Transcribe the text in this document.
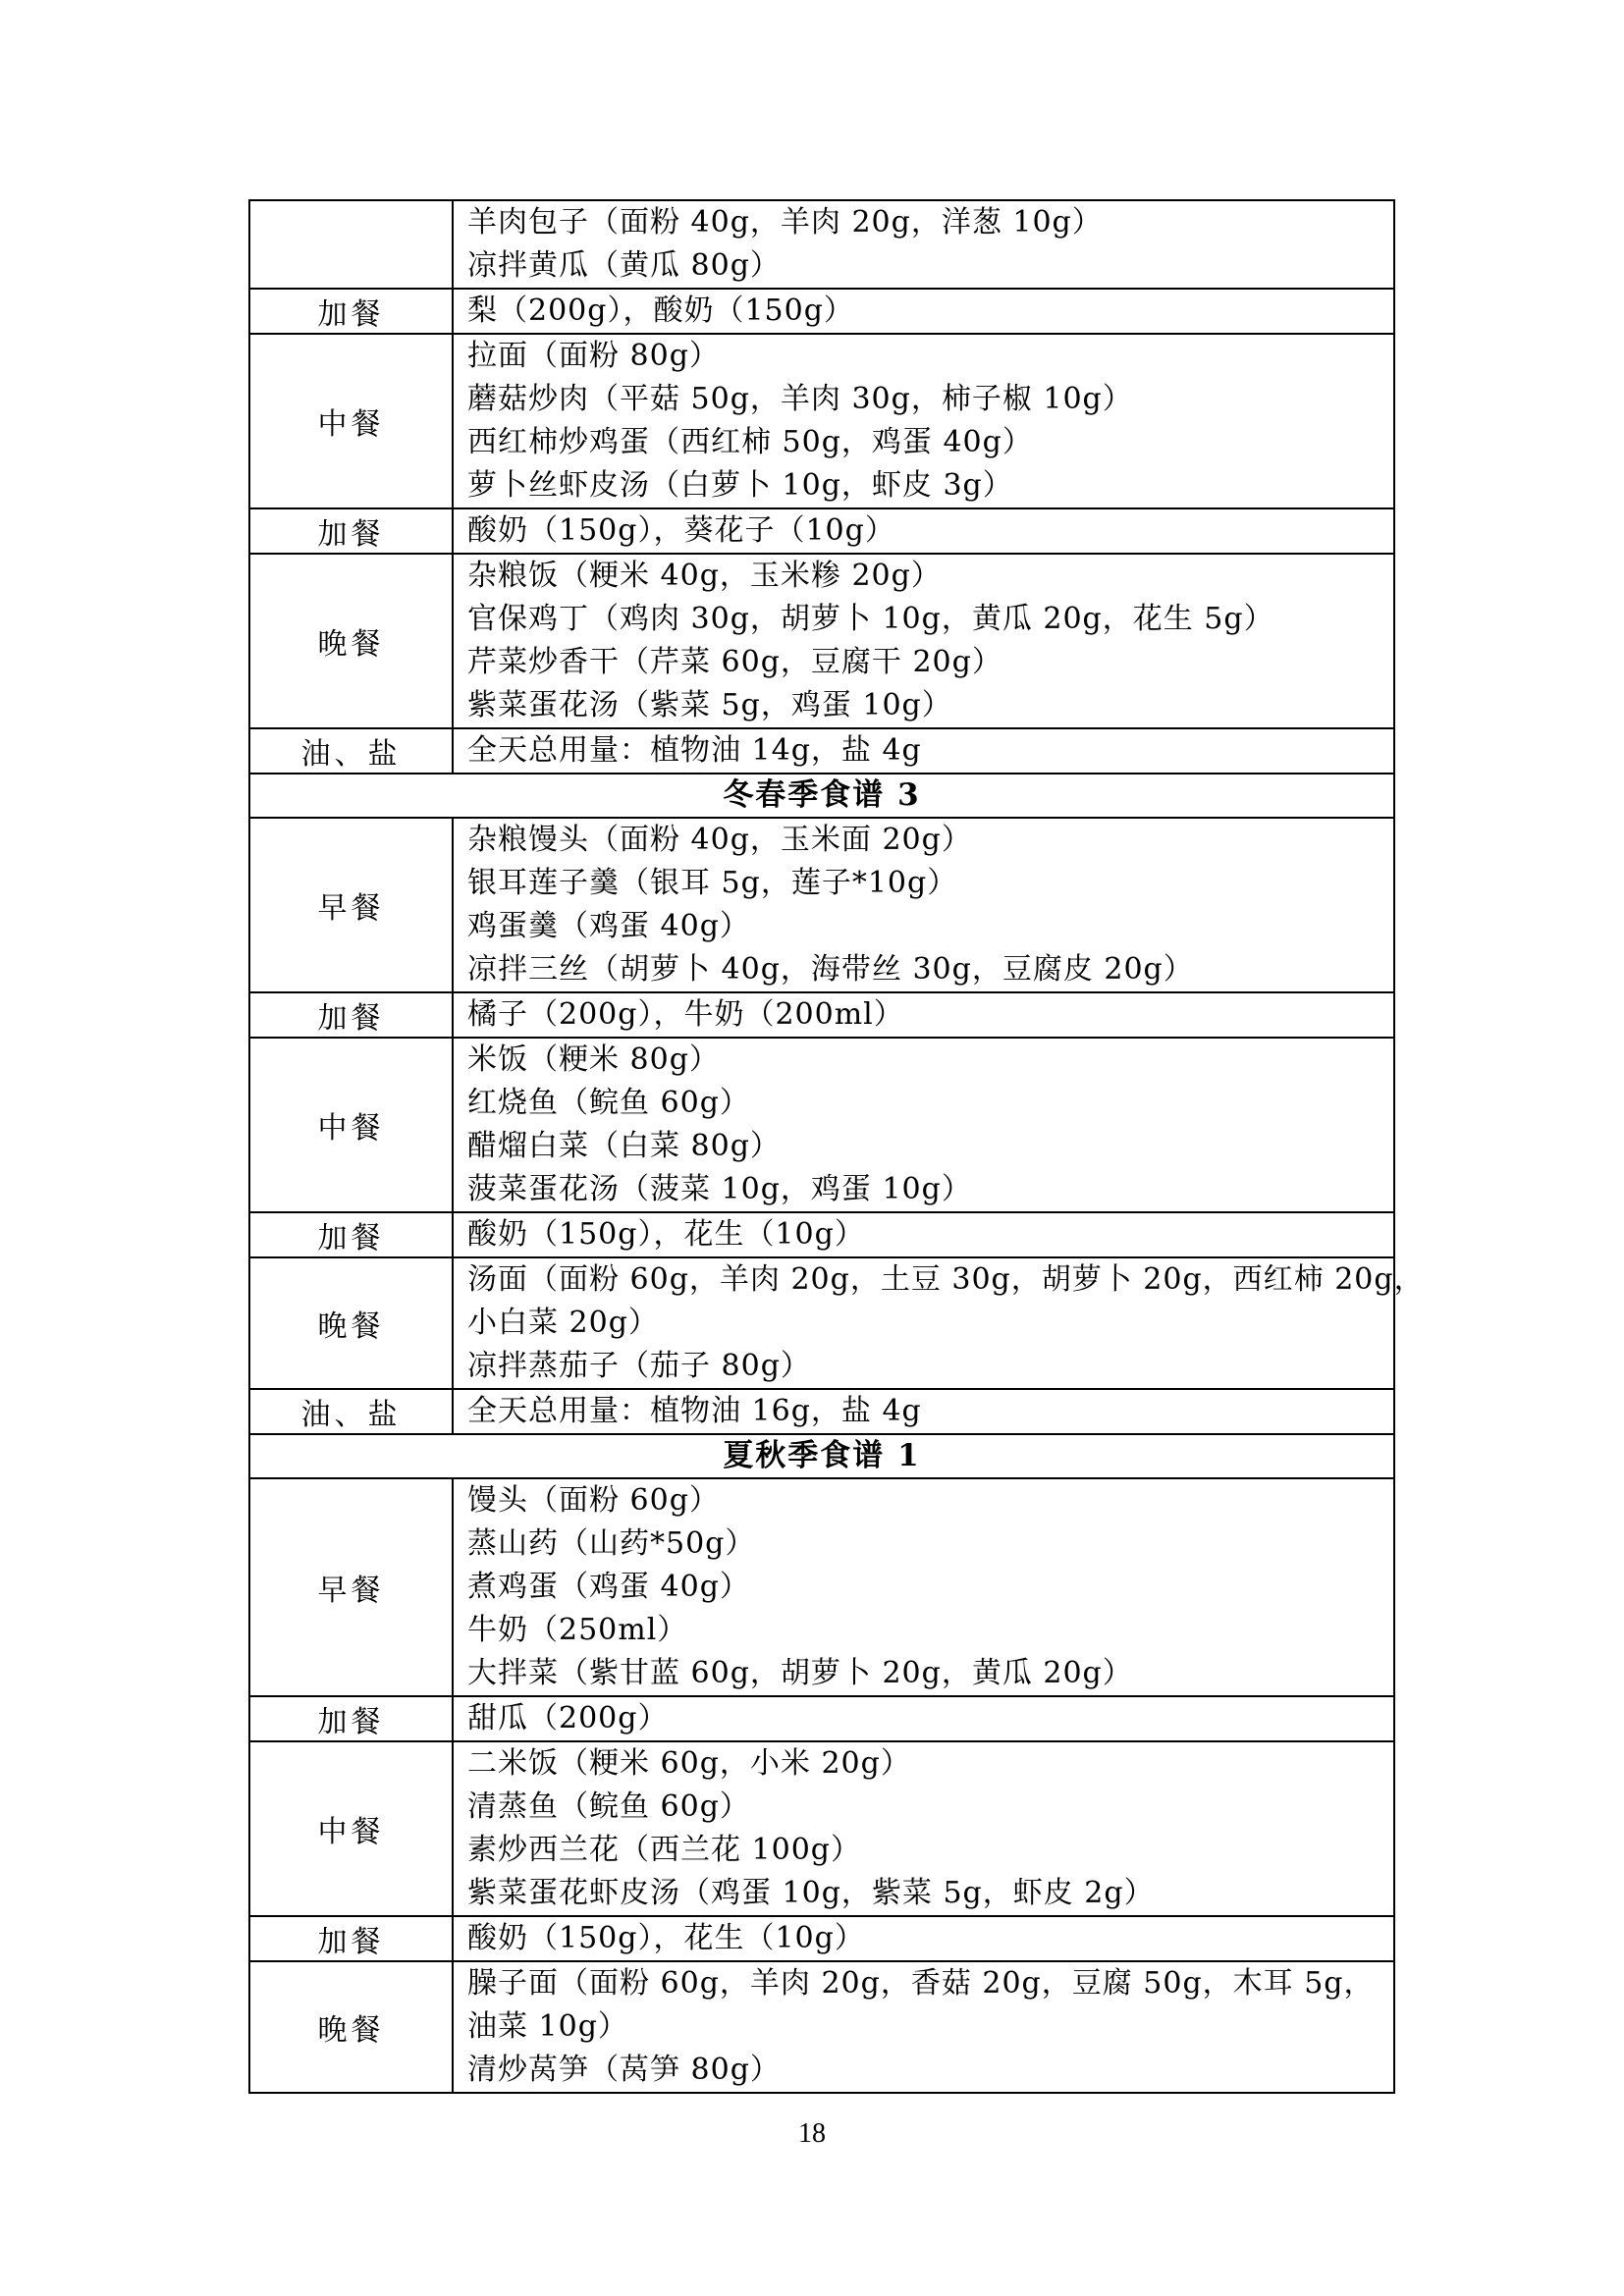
	羊肉包子（面粉 40g，羊肉 20g，洋葱 10g）
凉拌黄瓜（黄瓜 80g）

加餐	梨（200g），酸奶（150g）

中餐	拉面（面粉 80g）
蘑菇炒肉（平菇 50g，羊肉 30g，柿子椒 10g）
西红柿炒鸡蛋（西红柿 50g，鸡蛋 40g）
萝卜丝虾皮汤（白萝卜 10g，虾皮 3g）

加餐	酸奶（150g），葵花子（10g）

晚餐	杂粮饭（粳米 40g，玉米糁 20g）
官保鸡丁（鸡肉 30g，胡萝卜 10g，黄瓜 20g，花生 5g）
芹菜炒香干（芹菜 60g，豆腐干 20g）
紫菜蛋花汤（紫菜 5g，鸡蛋 10g）

油、盐	全天总用量：植物油 14g，盐 4g

冬春季食谱 3	
早餐	杂粮馒头（面粉 40g，玉米面 20g）
银耳莲子羹（银耳 5g，莲子*10g）
鸡蛋羹（鸡蛋 40g）
凉拌三丝（胡萝卜 40g，海带丝 30g，豆腐皮 20g）

加餐	橘子（200g），牛奶（200ml）

中餐	米饭（粳米 80g）
红烧鱼（鲩鱼 60g）
醋熘白菜（白菜 80g）
菠菜蛋花汤（菠菜 10g，鸡蛋 10g）

加餐	酸奶（150g），花生（10g）

晚餐	汤面（面粉 60g，羊肉 20g，土豆 30g，胡萝卜 20g，西红柿 20g，
小白菜 20g）
凉拌蒸茄子（茄子 80g）

油、盐	全天总用量：植物油 16g，盐 4g

夏秋季食谱 1	
早餐	馒头（面粉 60g）
蒸山药（山药*50g）
煮鸡蛋（鸡蛋 40g）
牛奶（250ml）
大拌菜（紫甘蓝 60g，胡萝卜 20g，黄瓜 20g）

加餐	甜瓜（200g）

中餐	二米饭（粳米 60g，小米 20g）
清蒸鱼（鲩鱼 60g）
素炒西兰花（西兰花 100g）
紫菜蛋花虾皮汤（鸡蛋 10g，紫菜 5g，虾皮 2g）

加餐	酸奶（150g），花生（10g）

晚餐	臊子面（面粉 60g，羊肉 20g，香菇 20g，豆腐 50g，木耳 5g，
油菜 10g）
清炒莴笋（莴笋 80g）
18
